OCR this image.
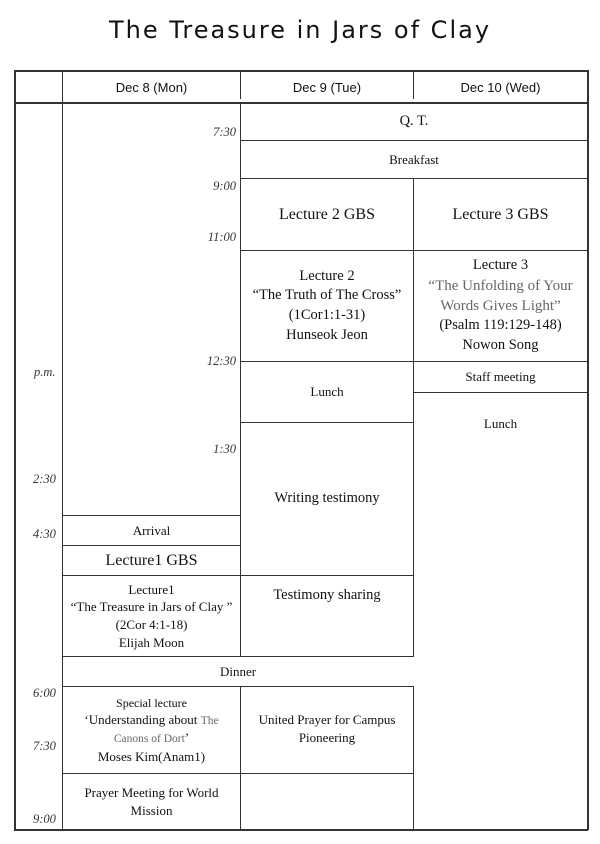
The Treasure in Jars of Clay
Dec 8 (Mon)	Dec 9 (Tue)	Dec 10 (Wed)
7:30
9:00
11:00
12:30
1:30
p.m.
2:30
4:30
6:00
7:30
9:00
Q. T.
Breakfast
Lecture 2 GBS
Lecture 2
“The Truth of The Cross”
(1Cor1:1-31)
Hunseok Jeon
Lunch
Writing testimony
Testimony sharing
United Prayer for Campus Pioneering
Lecture 3 GBS
Lecture 3
“The Unfolding of Your Words Gives Light”
(Psalm 119:129-148)
Nowon Song
Staff meeting
Lunch
Arrival
Lecture1 GBS
Lecture1
“The Treasure in Jars of Clay ”
(2Cor 4:1-18)
Elijah Moon
Dinner
Special lecture
‘Understanding about The
Canons of Dort’
Moses Kim(Anam1)
Prayer Meeting for World Mission
